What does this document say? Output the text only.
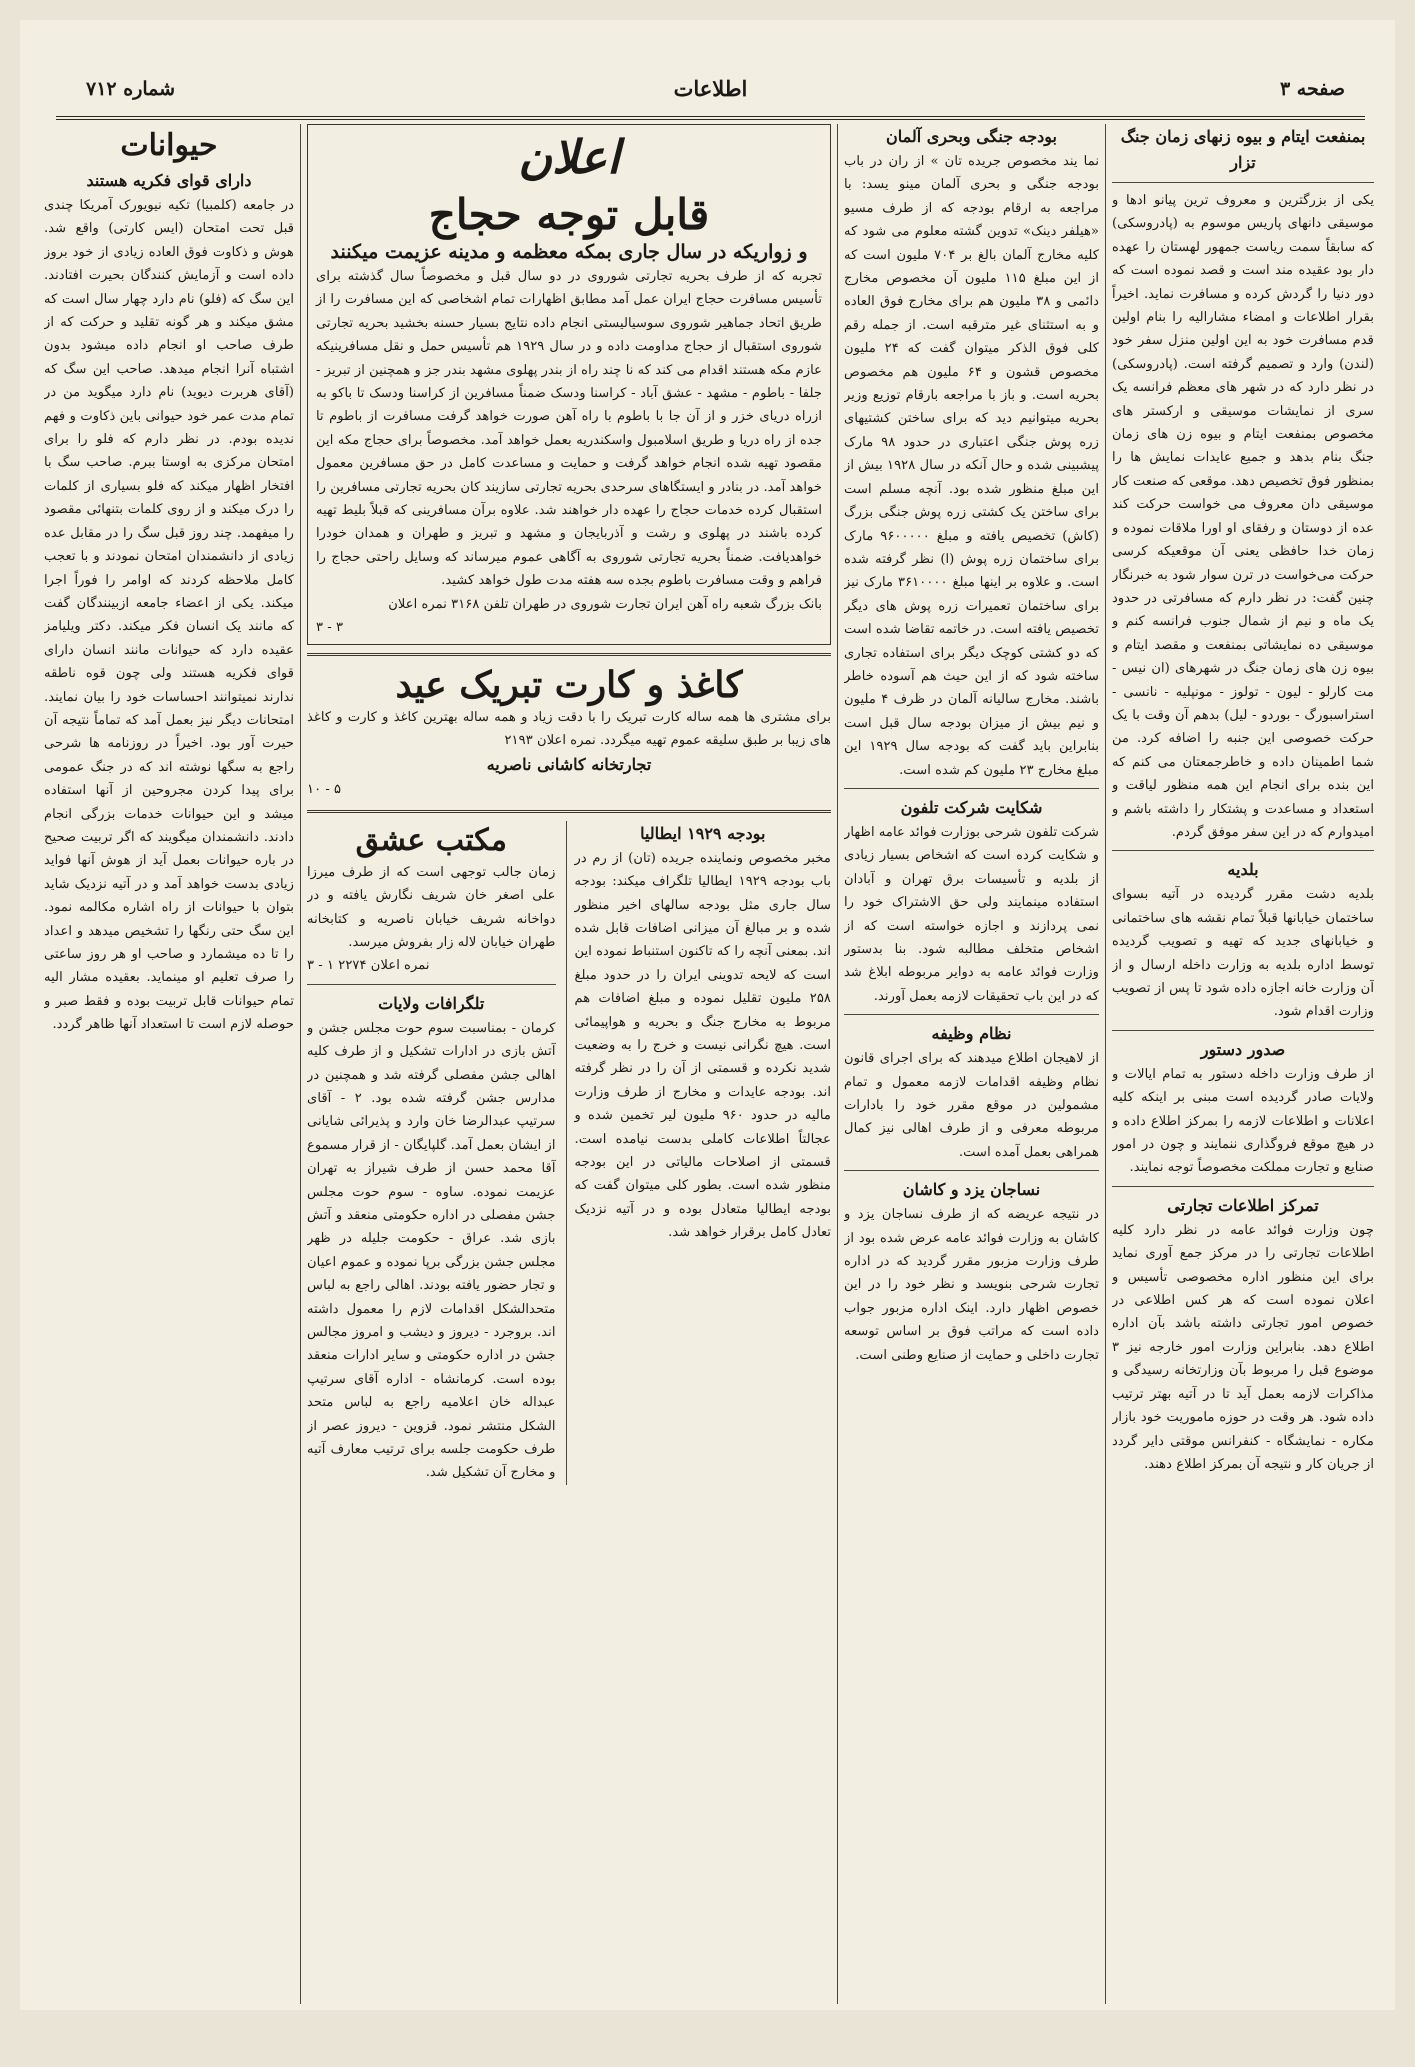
صفحه ۳
اطلاعات
شماره ۷۱۲
بمنفعت ایتام و بیوه زنهای زمان جنگ تزار

یکی از بزرگترین و معروف ترین پیانو ادها و موسیقی دانهای پاریس موسوم به (پادروسکی) که سابقاً سمت ریاست جمهور لهستان را عهده دار بود عقیده مند است و قصد نموده است که دور دنیا را گردش کرده و مسافرت نماید. اخیراً بقرار اطلاعات و امضاء مشاراليه را بنام اولین قدم مسافرت خود به این اولین منزل سفر خود (لندن) وارد و تصمیم گرفته است. (پادروسکی) در نظر دارد که در شهر های معظم فرانسه یک سری از نمایشات موسیقی و ارکستر های مخصوص بمنفعت ایتام و بیوه زن های زمان جنگ بنام بدهد و جمیع عایدات نمایش ها را بمنظور فوق تخصیص دهد. موقعی که صنعت کار موسیقی دان معروف می خواست حرکت کند عده از دوستان و رفقای او اورا ملاقات نموده و زمان خدا حافظی یعنی آن موقعیکه کرسی حرکت می‌خواست در ترن سوار شود به خبرنگار چنین گفت: در نظر دارم که مسافرتی در حدود یک ماه و نیم از شمال جنوب فرانسه کنم و موسیقی ده نمایشاتی بمنفعت و مقصد ایتام و بیوه زن های زمان جنگ در شهرهای (ان نیس - مت کارلو - لیون - تولوز - مونپلیه - نانسی - استراسبورگ - بوردو - لیل) بدهم آن وقت با یک حرکت خصوصی این جنبه را اضافه کرد. من شما اطمینان داده و خاطرجمعتان می کنم که این بنده برای انجام این همه منظور لیاقت و استعداد و مساعدت و پشتکار را داشته باشم و امیدوارم که در این سفر موفق گردم.

بلدیه

بلدیه دشت مقرر گردیده در آتیه بسوای ساختمان خیابانها قبلاً تمام نقشه های ساختمانی و خیابانهای جدید که تهیه و تصویب گردیده توسط اداره بلدیه به وزارت داخله ارسال و از آن وزارت خانه اجازه داده شود تا پس از تصویب وزارت اقدام شود.

صدور دستور

از طرف وزارت داخله دستور به تمام ایالات و ولایات صادر گردیده است مبنی بر اینکه کلیه اعلانات و اطلاعات لازمه را بمرکز اطلاع داده و در هیچ موقع فروگذاری ننمایند و چون در امور صنایع و تجارت مملکت مخصوصاً توجه نمایند.

تمرکز اطلاعات تجارتی

چون وزارت فوائد عامه در نظر دارد کلیه اطلاعات تجارتی را در مرکز جمع آوری نماید برای این منظور اداره مخصوصی تأسیس و اعلان نموده است که هر کس اطلاعی در خصوص امور تجارتی داشته باشد بآن اداره اطلاع دهد. بنابراین وزارت امور خارجه نیز ۳ موضوع قبل را مربوط بآن وزارتخانه رسیدگی و مذاکرات لازمه بعمل آید تا در آتیه بهتر ترتیب داده شود. هر وقت در حوزه ماموریت خود بازار مکاره - نمایشگاه - کنفرانس موقتی دایر گردد از جریان کار و نتیجه آن بمرکز اطلاع دهند.

بودجه جنگی وبحری آلمان

نما یند مخصوص جریده تان » از ران در باب بودجه جنگی و بحری آلمان مینو یسد: با مراجعه به ارقام بودجه که از طرف مسیو «هیلفر دینک» تدوین گشته معلوم می شود که کلیه مخارج آلمان بالغ بر ۷۰۴ ملیون است که از این مبلغ ۱۱۵ ملیون آن مخصوص مخارج دائمی و ۳۸ ملیون هم برای مخارج فوق العاده و به استثنای غیر مترقبه است. از جمله رقم کلی فوق الذکر میتوان گفت که ۲۴ ملیون مخصوص قشون و ۶۴ ملیون هم مخصوص بحریه است. و باز با مراجعه بارقام توزیع وزیر بحریه میتوانیم دید که برای ساختن کشتیهای زره پوش جنگی اعتباری در حدود ۹۸ مارک پیشبینی شده و حال آنکه در سال ۱۹۲۸ بیش از این مبلغ منظور شده بود. آنچه مسلم است برای ساختن یک کشتی زره پوش جنگی بزرگ (کاش) تخصیص یافته و مبلغ ۹۶۰۰۰۰۰ مارک برای ساختمان زره پوش (ا) نظر گرفته شده است. و علاوه بر اینها مبلغ ۳۶۱۰۰۰۰ مارک نیز برای ساختمان تعمیرات زره پوش های دیگر تخصیص یافته است. در خاتمه تقاضا شده است که دو کشتی کوچک دیگر برای استفاده تجاری ساخته شود که از این حیث هم آسوده خاطر باشند. مخارج سالیانه آلمان در ظرف ۴ ملیون و نیم بیش از میزان بودجه سال قبل است بنابراین باید گفت که بودجه سال ۱۹۲۹ این مبلغ مخارج ۲۳ ملیون کم شده است.

شکایت شرکت تلفون

شرکت تلفون شرحی بوزارت فوائد عامه اظهار و شکایت کرده است که اشخاص بسیار زیادی از بلدیه و تأسیسات برق تهران و آبادان استفاده مینمایند ولی حق الاشتراک خود را نمی پردازند و اجازه خواسته است که از اشخاص متخلف مطالبه شود. بنا بدستور وزارت فوائد عامه به دوایر مربوطه ابلاغ شد که در این باب تحقیقات لازمه بعمل آورند.

نظام وظیفه

از لاهیجان اطلاع میدهند که برای اجرای قانون نظام وظیفه اقدامات لازمه معمول و تمام مشمولین در موقع مقرر خود را بادارات مربوطه معرفی و از طرف اهالی نیز کمال همراهی بعمل آمده است.

نساجان یزد و کاشان

در نتیجه عریضه که از طرف نساجان یزد و کاشان به وزارت فوائد عامه عرض شده بود از طرف وزارت مزبور مقرر گردید که در اداره تجارت شرحی بنویسد و نظر خود را در این خصوص اظهار دارد. اینک اداره مزبور جواب داده است که مراتب فوق بر اساس توسعه تجارت داخلی و حمایت از صنایع وطنی است.

اعلان
قابل توجه حجاج
و زواریکه در سال جاری بمکه معظمه و مدینه عزیمت میکنند

تجربه که از طرف بحریه تجارتی شوروی در دو سال قبل و مخصوصاً سال گذشته برای تأسیس مسافرت حجاج ایران عمل آمد مطابق اظهارات تمام اشخاصی که این مسافرت را از طریق اتحاد جماهیر شوروی سوسیالیستی انجام داده نتایج بسیار حسنه بخشید بحریه تجارتی شوروی استقبال از حجاج مداومت داده و در سال ۱۹۲۹ هم تأسیس حمل و نقل مسافرینیکه عازم مکه هستند اقدام می کند که نا چند راه از بندر پهلوی مشهد بندر جز و همچنین از تبریز - جلفا - باطوم - مشهد - عشق آباد - کراسنا ودسک ضمناً مسافرین از کراسنا ودسک تا باکو به ازراه دریای خزر و از آن جا با باطوم با راه آهن صورت خواهد گرفت مسافرت از باطوم تا جده از راه دریا و طریق اسلامبول واسکندریه بعمل خواهد آمد. مخصوصاً برای حجاج مکه این مقصود تهیه شده انجام خواهد گرفت و حمایت و مساعدت کامل در حق مسافرین معمول خواهد آمد. در بنادر و ایستگاهای سرحدی بحریه تجارتی سازیند کان بحریه تجارتی مسافرین را استقبال کرده خدمات حجاج را عهده دار خواهند شد. علاوه برآن مسافرینی که قبلاً بلیط تهیه کرده باشند در پهلوی و رشت و آذربایجان و مشهد و تبریز و طهران و همدان خودرا خواهدیافت. ضمناً بحریه تجارتی شوروی به آگاهی عموم میرساند که وسایل راحتی حجاج را فراهم و وقت مسافرت باطوم بجده سه هفته مدت طول خواهد کشید.

بانک بزرگ شعبه راه آهن ایران تجارت شوروی در طهران تلفن ۳۱۶۸ نمره اعلان

۳ - ۳

کاغذ و کارت تبریک عید

برای مشتری ها همه ساله کارت تبریک را با دقت زیاد و همه ساله بهترین کاغذ و کارت و کاغذ های زیبا بر طبق سلیقه عموم تهیه میگردد. نمره اعلان ۲۱۹۳

تجارتخانه کاشانی ناصریه

۵ - ۱۰

بودجه ۱۹۲۹ ایطالیا

مخبر مخصوص ونماینده جریده (تان) از رم در باب بودجه ۱۹۲۹ ایطالیا تلگراف میکند: بودجه سال جاری مثل بودجه سالهای اخیر منظور شده و بر مبالغ آن میزانی اضافات قابل شده اند. بمعنی آنچه را که تاکنون استنباط نموده این است که لایحه تدوینی ایران را در حدود مبلغ ۲۵۸ ملیون تقلیل نموده و مبلغ اضافات هم مربوط به مخارج جنگ و بحریه و هواپیمائی است. هیچ نگرانی نیست و خرج را به وضعیت شدید نکرده و قسمتی از آن را در نظر گرفته اند. بودجه عایدات و مخارج از طرف وزارت مالیه در حدود ۹۶۰ ملیون لیر تخمین شده و عجالتاً اطلاعات کاملی بدست نیامده است. قسمتی از اصلاحات مالیاتی در این بودجه منظور شده است. بطور کلی میتوان گفت که بودجه ایطالیا متعادل بوده و در آتیه نزدیک تعادل کامل برقرار خواهد شد.

مکتب عشق

زمان جالب توجهی است که از طرف میرزا علی اصغر خان شریف نگارش یافته و در دواخانه شریف خیابان ناصریه و کتابخانه طهران خیابان لاله زار بفروش میرسد.

نمره اعلان ۲۲۷۴ ۱ - ۳

تلگرافات ولایات

کرمان - بمناسبت سوم حوت مجلس جشن و آتش بازی در ادارات تشکیل و از طرف کلیه اهالی جشن مفصلی گرفته شد و همچنین در مدارس جشن گرفته شده بود. ۲ - آقای سرتیپ عبدالرضا خان وارد و پذیرائی شایانی از ایشان بعمل آمد. گلپایگان - از قرار مسموع آقا محمد حسن از طرف شیراز به تهران عزیمت نموده. ساوه - سوم حوت مجلس جشن مفصلی در اداره حکومتی منعقد و آتش بازی شد. عراق - حکومت جلیله در ظهر مجلس جشن بزرگی برپا نموده و عموم اعیان و تجار حضور یافته بودند. اهالی راجع به لباس متحدالشکل اقدامات لازم را معمول داشته اند. بروجرد - دیروز و دیشب و امروز مجالس جشن در اداره حکومتی و سایر ادارات منعقد بوده است. کرمانشاه - اداره آقای سرتیپ عبداله خان اعلامیه راجع به لباس متحد الشکل منتشر نمود. قزوین - دیروز عصر از طرف حکومت جلسه برای ترتیب معارف آتیه و مخارج آن تشکیل شد.

حیوانات
دارای قوای فکریه هستند

در جامعه (کلمبیا) تکیه نیویورک آمریکا چندی قبل تحت امتحان (ایس کارتی) واقع شد. هوش و ذکاوت فوق العاده زیادی از خود بروز داده است و آزمایش کنندگان بحیرت افتادند. این سگ که (فلو) نام دارد چهار سال است که مشق میکند و هر گونه تقلید و حرکت که از طرف صاحب او انجام داده میشود بدون اشتباه آنرا انجام میدهد. صاحب این سگ که (آقای هربرت دیوید) نام دارد میگوید من در تمام مدت عمر خود حیوانی باین ذکاوت و فهم ندیده بودم. در نظر دارم که فلو را برای امتحان مرکزی به اوستا ببرم. صاحب سگ با افتخار اظهار میکند که فلو بسیاری از کلمات را درک میکند و از روی کلمات بتنهائی مقصود را میفهمد. چند روز قبل سگ را در مقابل عده زیادی از دانشمندان امتحان نمودند و با تعجب کامل ملاحظه کردند که اوامر را فوراً اجرا میکند. یکی از اعضاء جامعه ازبینندگان گفت که مانند یک انسان فکر میکند. دکتر ویلیامز عقیده دارد که حیوانات مانند انسان دارای قوای فکریه هستند ولی چون قوه ناطقه ندارند نمیتوانند احساسات خود را بیان نمایند. امتحانات دیگر نیز بعمل آمد که تماماً نتیجه آن حیرت آور بود. اخیراً در روزنامه ها شرحی راجع به سگها نوشته اند که در جنگ عمومی برای پیدا کردن مجروحین از آنها استفاده میشد و این حیوانات خدمات بزرگی انجام دادند. دانشمندان میگویند که اگر تربیت صحیح در باره حیوانات بعمل آید از هوش آنها فواید زیادی بدست خواهد آمد و در آتیه نزدیک شاید بتوان با حیوانات از راه اشاره مکالمه نمود. این سگ حتی رنگها را تشخیص میدهد و اعداد را تا ده میشمارد و صاحب او هر روز ساعتی را صرف تعلیم او مینماید. بعقیده مشار الیه تمام حیوانات قابل تربیت بوده و فقط صبر و حوصله لازم است تا استعداد آنها ظاهر گردد.
